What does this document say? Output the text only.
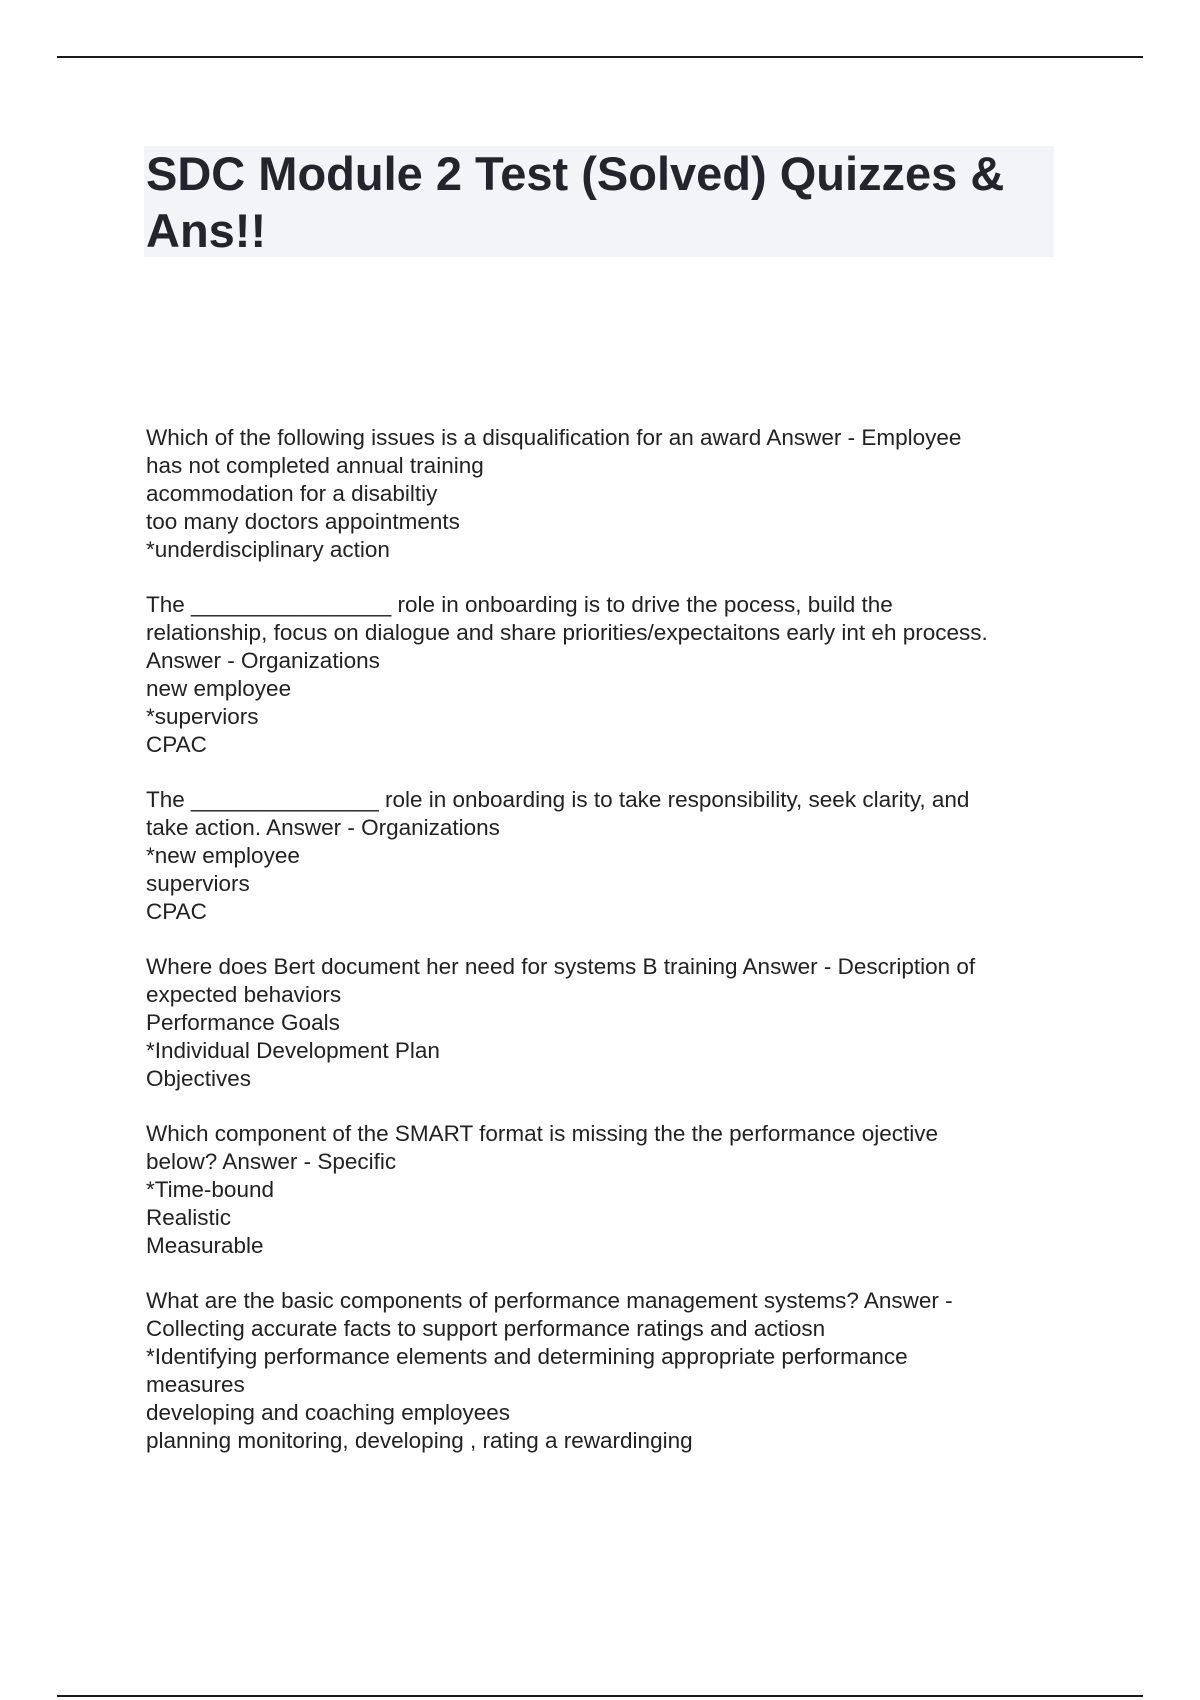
SDC Module 2 Test (Solved) Quizzes &
Ans!!
Which of the following issues is a disqualification for an award Answer - Employee
has not completed annual training
acommodation for a disabiltiy
too many doctors appointments
*underdisciplinary action
The ________________ role in onboarding is to drive the pocess, build the
relationship, focus on dialogue and share priorities/expectaitons early int eh process.
Answer - Organizations
new employee
*superviors
CPAC
The _______________ role in onboarding is to take responsibility, seek clarity, and
take action. Answer - Organizations
*new employee
superviors
CPAC
Where does Bert document her need for systems B training Answer - Description of
expected behaviors
Performance Goals
*Individual Development Plan
Objectives
Which component of the SMART format is missing the the performance ojective
below? Answer - Specific
*Time-bound
Realistic
Measurable
What are the basic components of performance management systems? Answer -
Collecting accurate facts to support performance ratings and actiosn
*Identifying performance elements and determining appropriate performance
measures
developing and coaching employees
planning monitoring, developing , rating a rewardinging
